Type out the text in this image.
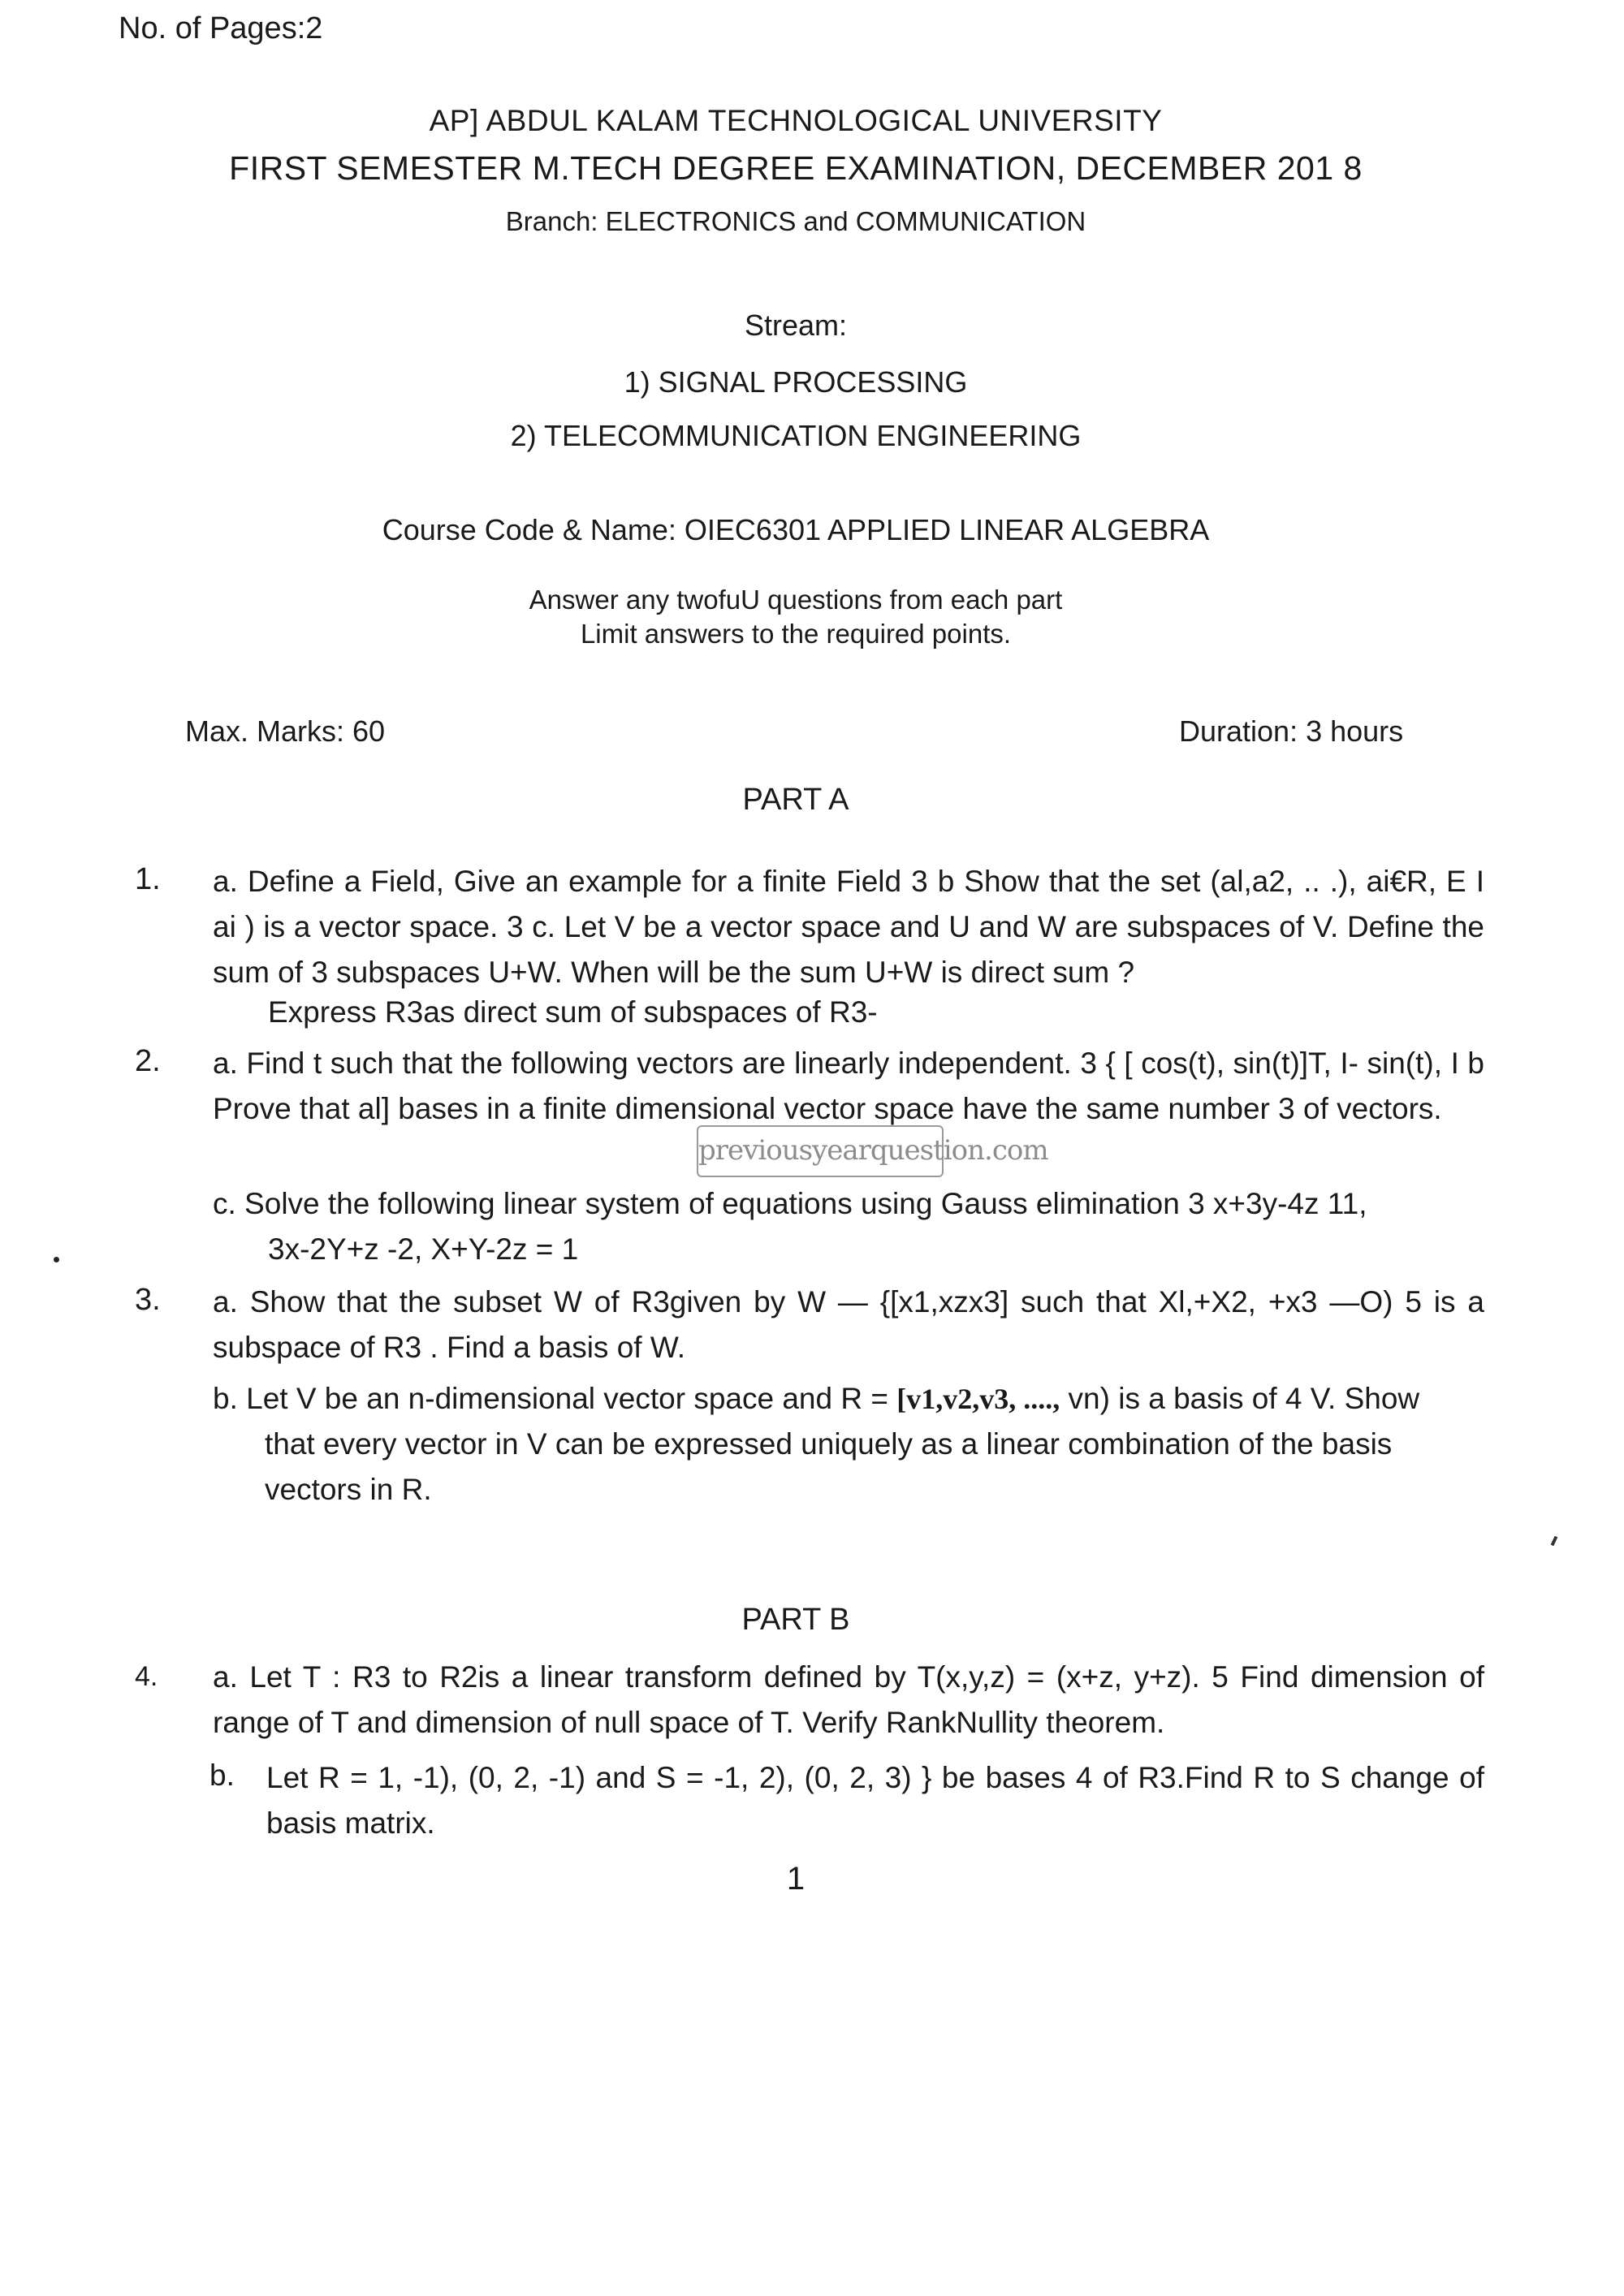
No. of Pages:2
AP] ABDUL KALAM TECHNOLOGICAL UNIVERSITY
FIRST SEMESTER M.TECH DEGREE EXAMINATION, DECEMBER 201 8
Branch: ELECTRONICS and COMMUNICATION
Stream:
1) SIGNAL PROCESSING
2) TELECOMMUNICATION ENGINEERING
Course Code & Name: OIEC6301 APPLIED LINEAR ALGEBRA
Answer any twofuU questions from each part
Limit answers to the required points.
Max. Marks: 60	Duration: 3 hours
PART A
1. a. Define a Field, Give an example for a finite Field 3 b Show that the set (al,a2, .. .), ai€R, E I ai ) is a vector space. 3 c. Let V be a vector space and U and W are subspaces of V. Define the sum of 3 subspaces U+W. When will be the sum U+W is direct sum ?
Express R3as direct sum of subspaces of R3-
2. a. Find t such that the following vectors are linearly independent. 3 { [ cos(t), sin(t)]T, I- sin(t), I b Prove that al] bases in a finite dimensional vector space have the same number 3 of vectors.
previousyearquestion.com
c. Solve the following linear system of equations using Gauss elimination 3 x+3y-4z 11,
3x-2Y+z -2, X+Y-2z = 1
3. a. Show that the subset W of R3given by W — {[x1,xzx3] such that Xl,+X2, +x3 —O) 5 is a subspace of R3 . Find a basis of W.
b. Let V be an n-dimensional vector space and R = [v1,v2,v3, ...., vn) is a basis of 4 V. Show
that every vector in V can be expressed uniquely as a linear combination of the basis
vectors in R.
PART B
4. a. Let T : R3 to R2is a linear transform defined by T(x,y,z) = (x+z, y+z). 5 Find dimension of range of T and dimension of null space of T. Verify RankNullity theorem.
b. Let R = 1, -1), (0, 2, -1) and S = -1, 2), (0, 2, 3) } be bases 4 of R3.Find R to S change of basis matrix.
1
